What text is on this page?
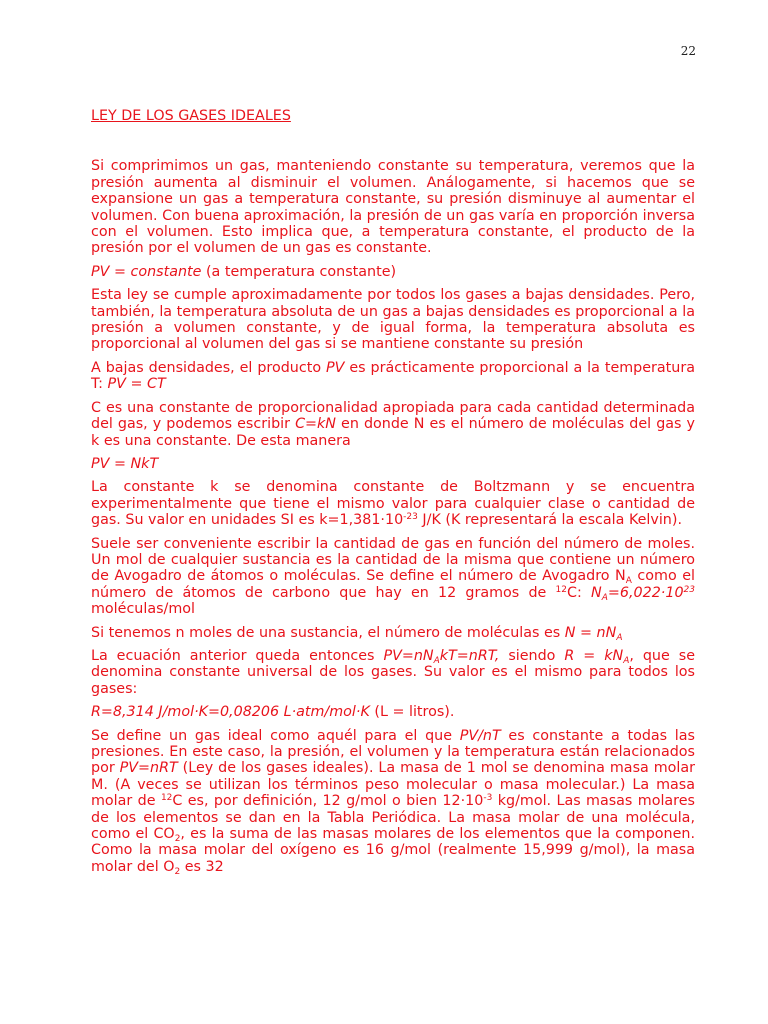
22
LEY DE LOS GASES IDEALES

Si comprimimos un gas, manteniendo constante su temperatura, veremos que la presión aumenta al disminuir el volumen. Análogamente, si hacemos que se expansione un gas a temperatura constante, su presión disminuye al aumentar el volumen. Con buena aproximación, la presión de un gas varía en proporción inversa con el volumen. Esto implica que, a temperatura constante, el producto de la presión por el volumen de un gas es constante.

PV = constante (a temperatura constante)

Esta ley se cumple aproximadamente por todos los gases a bajas densidades. Pero, también, la temperatura absoluta de un gas a bajas densidades es proporcional a la presión a volumen constante, y de igual forma, la temperatura absoluta es proporcional al volumen del gas si se mantiene constante su presión

A bajas densidades, el producto PV es prácticamente proporcional a la temperatura T: PV = CT

C es una constante de proporcionalidad apropiada para cada cantidad determinada del gas, y podemos escribir C=kN en donde N es el número de moléculas del gas y k es una constante. De esta manera

PV = NkT

La constante k se denomina constante de Boltzmann y se encuentra experimentalmente que tiene el mismo valor para cualquier clase o cantidad de gas. Su valor en unidades SI es $k=1,381\cdot 10^{-23}$ J/K (K representará la escala Kelvin).

Suele ser conveniente escribir la cantidad de gas en función del número de moles. Un mol de cualquier sustancia es la cantidad de la misma que contiene un número de Avogadro de átomos o moléculas. Se define el número de Avogadro $N_A$ como el número de átomos de carbono que hay en 12 gramos de $^{12}$C: $N_A=6,022\cdot 10^{23}$ moléculas/mol

Si tenemos n moles de una sustancia, el número de moléculas es $N = nN_A$

La ecuación anterior queda entonces $PV=nN_AkT=nRT$, siendo $R = kN_A$, que se denomina constante universal de los gases. Su valor es el mismo para todos los gases:

R=8,314 J/mol·K=0,08206 L·atm/mol·K (L = litros).

Se define un gas ideal como aquél para el que PV/nT es constante a todas las presiones. En este caso, la presión, el volumen y la temperatura están relacionados por PV=nRT (Ley de los gases ideales). La masa de 1 mol se denomina masa molar M. (A veces se utilizan los términos peso molecular o masa molecular.) La masa molar de $^{12}$C es, por definición, 12 g/mol o bien $12\cdot 10^{-3}$ kg/mol. Las masas molares de los elementos se dan en la Tabla Periódica. La masa molar de una molécula, como el $CO_2$, es la suma de las masas molares de los elementos que la componen. Como la masa molar del oxígeno es 16 g/mol (realmente 15,999 g/mol), la masa molar del $O_2$ es 32
